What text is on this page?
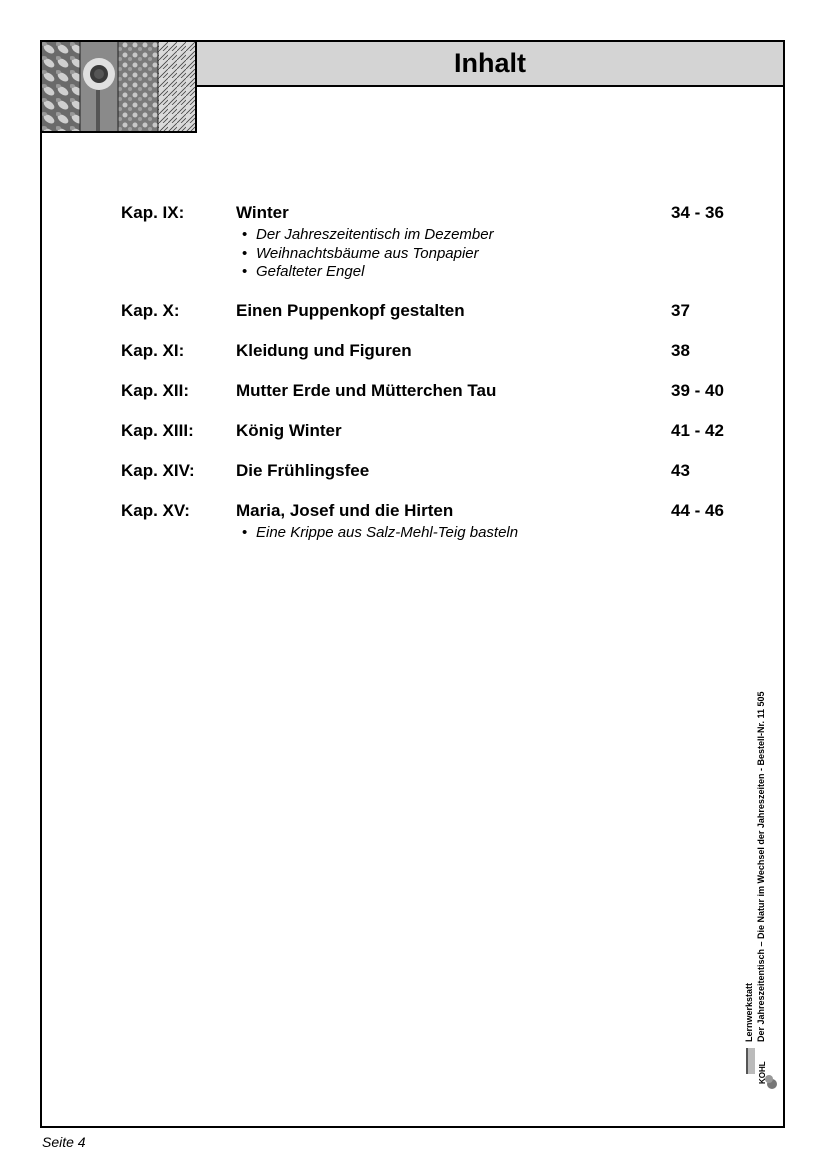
Inhalt
Kap. IX:	Winter	34 - 36
• Der Jahreszeitentisch im Dezember
• Weihnachtsbäume aus Tonpapier
• Gefalteter Engel
Kap. X:	Einen Puppenkopf gestalten	37
Kap. XI:	Kleidung und Figuren	38
Kap. XII:	Mutter Erde und Mütterchen Tau	39 - 40
Kap. XIII:	König Winter	41 - 42
Kap. XIV:	Die Frühlingsfee	43
Kap. XV:	Maria, Josef und die Hirten	44 - 46
• Eine Krippe aus Salz-Mehl-Teig basteln
KOHL
Lernwerkstatt Der Jahreszeitentisch – Die Natur im Wechsel der Jahreszeiten - Bestell-Nr. 11 505
Seite 4
